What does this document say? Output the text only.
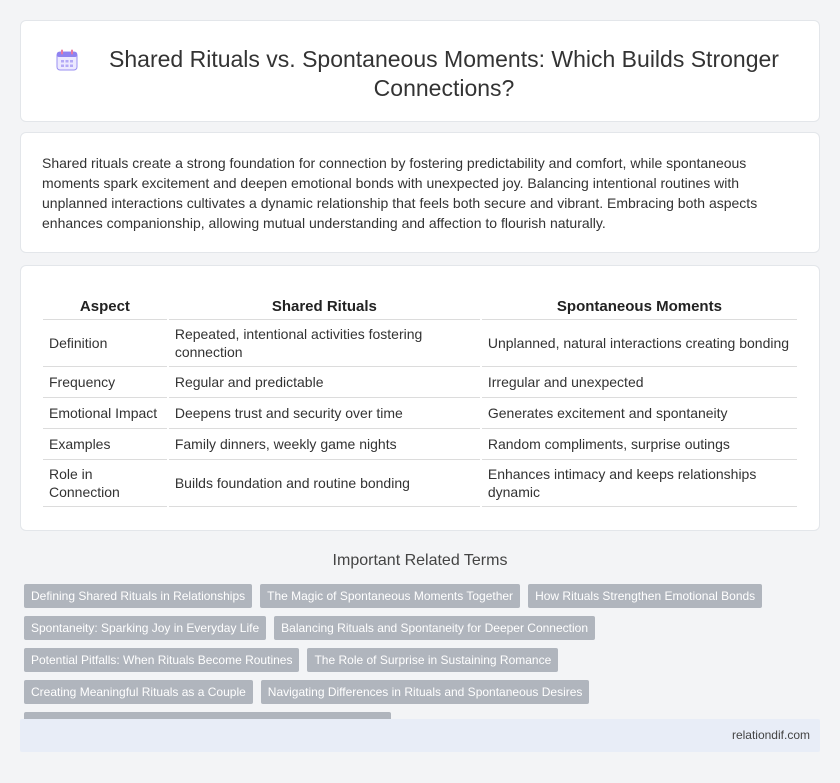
Shared Rituals vs. Spontaneous Moments: Which Builds Stronger Connections?

Shared rituals create a strong foundation for connection by fostering predictability and comfort, while spontaneous moments spark excitement and deepen emotional bonds with unexpected joy. Balancing intentional routines with unplanned interactions cultivates a dynamic relationship that feels both secure and vibrant. Embracing both aspects enhances companionship, allowing mutual understanding and affection to flourish naturally.

Aspect	Shared Rituals	Spontaneous Moments
Definition	Repeated, intentional activities fostering connection	Unplanned, natural interactions creating bonding
Frequency	Regular and predictable	Irregular and unexpected
Emotional Impact	Deepens trust and security over time	Generates excitement and spontaneity
Examples	Family dinners, weekly game nights	Random compliments, surprise outings
Role in Connection	Builds foundation and routine bonding	Enhances intimacy and keeps relationships dynamic
Important Related Terms
Defining Shared Rituals in Relationships	The Magic of Spontaneous Moments Together	How Rituals Strengthen Emotional Bonds
Spontaneity: Sparking Joy in Everyday Life	Balancing Rituals and Spontaneity for Deeper Connection
Potential Pitfalls: When Rituals Become Routines	The Role of Surprise in Sustaining Romance
Creating Meaningful Rituals as a Couple	Navigating Differences in Rituals and Spontaneous Desires
relationdif.com
